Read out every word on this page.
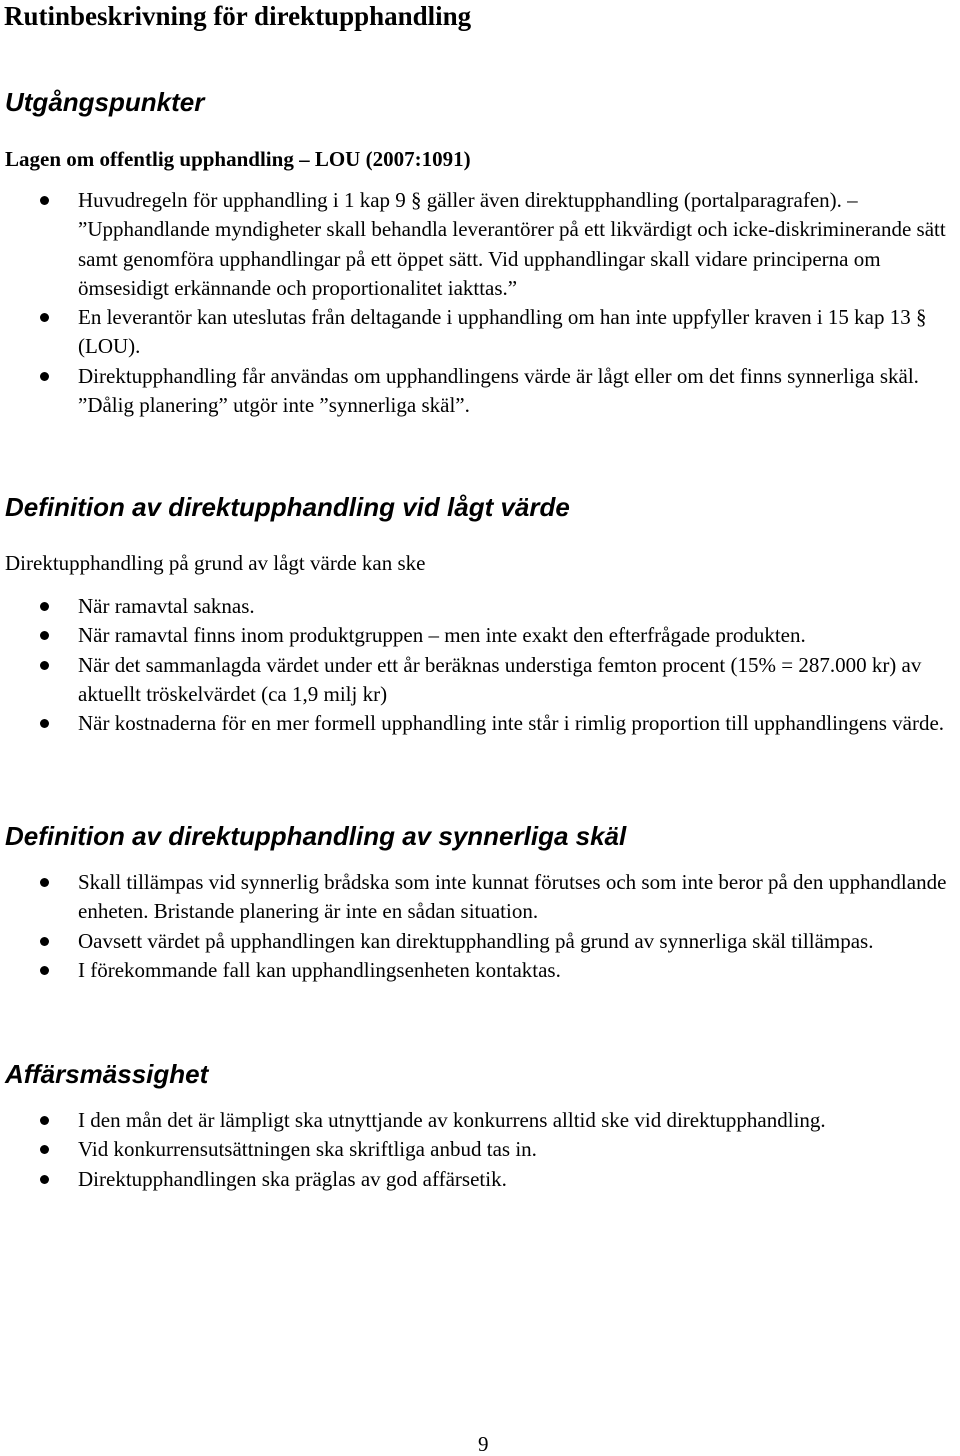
Rutinbeskrivning för direktupphandling
Utgångspunkter
Lagen om offentlig upphandling – LOU (2007:1091)
Huvudregeln för upphandling i 1 kap 9 § gäller även direktupphandling (portalparagrafen). – ”Upphandlande myndigheter skall behandla leverantörer på ett likvärdigt och icke-diskriminerande sätt samt genomföra upphandlingar på ett öppet sätt. Vid upphandlingar skall vidare principerna om ömsesidigt erkännande och proportionalitet iakttas.”
En leverantör kan uteslutas från deltagande i upphandling om han inte uppfyller kraven i 15 kap 13 § (LOU).
Direktupphandling får användas om upphandlingens värde är lågt eller om det finns synnerliga skäl. ”Dålig planering” utgör inte ”synnerliga skäl”.
Definition av direktupphandling vid lågt värde
Direktupphandling på grund av lågt värde kan ske
När ramavtal saknas.
När ramavtal finns inom produktgruppen – men inte exakt den efterfrågade produkten.
När det sammanlagda värdet under ett år beräknas understiga femton procent (15% = 287.000 kr) av aktuellt tröskelvärdet (ca 1,9 milj kr)
När kostnaderna för en mer formell upphandling inte står i rimlig proportion till upphandlingens värde.
Definition av direktupphandling av synnerliga skäl
Skall tillämpas vid synnerlig brådska som inte kunnat förutses och som inte beror på den upphandlande enheten. Bristande planering är inte en sådan situation.
Oavsett värdet på upphandlingen kan direktupphandling på grund av synnerliga skäl tillämpas.
I förekommande fall kan upphandlingsenheten kontaktas.
Affärsmässighet
I den mån det är lämpligt ska utnyttjande av konkurrens alltid ske vid direktupphandling.
Vid konkurrensutsättningen ska skriftliga anbud tas in.
Direktupphandlingen ska präglas av god affärsetik.
9
